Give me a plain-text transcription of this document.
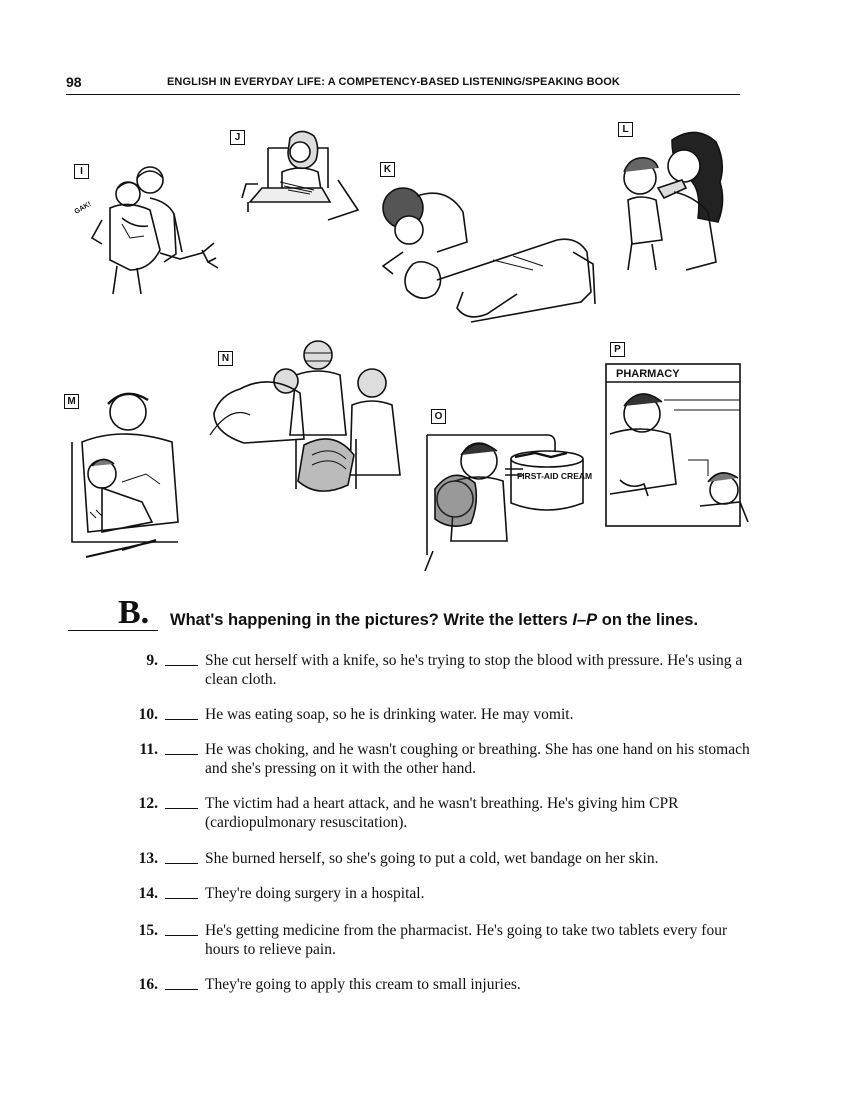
98	ENGLISH IN EVERYDAY LIFE: A COMPETENCY-BASED LISTENING/SPEAKING BOOK
I
GAK!
J
K
L
M
N
O
FIRST-AID CREAM
P
PHARMACY
B. What's happening in the pictures? Write the letters I–P on the lines.
9.	She cut herself with a knife, so he's trying to stop the blood with pressure. He's using a clean cloth.
10.	He was eating soap, so he is drinking water. He may vomit.
11.	He was choking, and he wasn't coughing or breathing. She has one hand on his stomach and she's pressing on it with the other hand.
12.	The victim had a heart attack, and he wasn't breathing. He's giving him CPR (cardiopulmonary resuscitation).
13.	She burned herself, so she's going to put a cold, wet bandage on her skin.
14.	They're doing surgery in a hospital.
15.	He's getting medicine from the pharmacist. He's going to take two tablets every four hours to relieve pain.
16.	They're going to apply this cream to small injuries.
